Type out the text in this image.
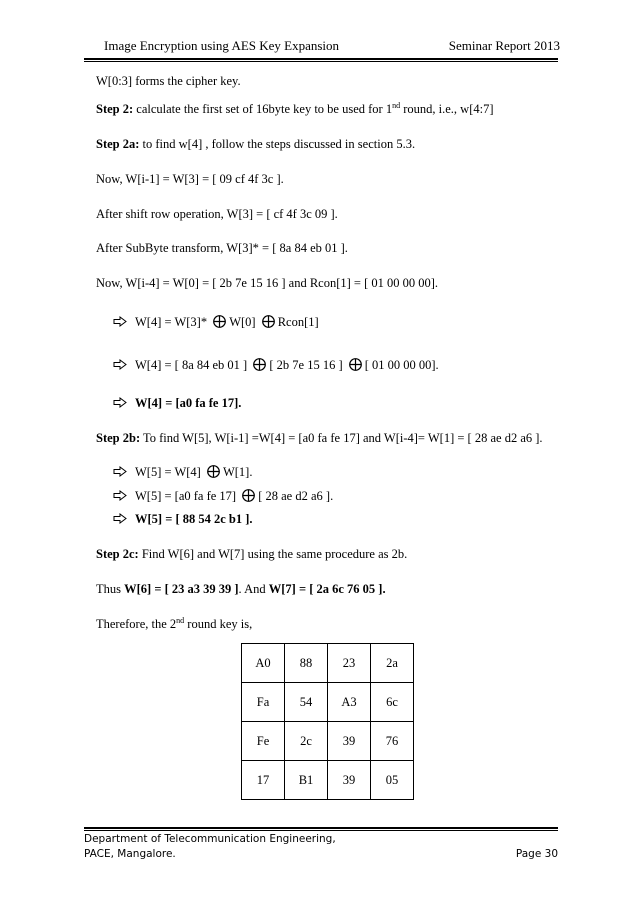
Image Encryption using AES Key Expansion	Seminar Report 2013
W[0:3] forms the cipher key.
Step 2: calculate the first set of 16byte key to be used for 1nd round, i.e., w[4:7]
Step 2a: to find w[4] , follow the steps discussed in section 5.3.
Now, W[i-1] = W[3] = [ 09 cf 4f 3c ].
After shift row operation, W[3] = [ cf 4f 3c 09 ].
After SubByte transform, W[3]* = [ 8a 84 eb 01 ].
Now, W[i-4] = W[0] = [ 2b 7e 15 16 ] and Rcon[1] = [ 01 00 00 00].
W[4] = W[3]* W[0] Rcon[1]
W[4] = [ 8a 84 eb 01 ] [ 2b 7e 15 16 ] [ 01 00 00 00].
W[4] = [a0 fa fe 17].
Step 2b: To find W[5], W[i-1] =W[4] = [a0 fa fe 17] and W[i-4]= W[1] = [ 28 ae d2 a6 ].
W[5] = W[4] W[1].
W[5] = [a0 fa fe 17] [ 28 ae d2 a6 ].
W[5] = [ 88 54 2c b1 ].
Step 2c: Find W[6] and W[7] using the same procedure as 2b.
Thus W[6] = [ 23 a3 39 39 ]. And W[7] = [ 2a 6c 76 05 ].
Therefore, the 2nd round key is,
A0	88	23	2a
Fa	54	A3	6c
Fe	2c	39	76
17	B1	39	05
Department of Telecommunication Engineering,
PACE, Mangalore.	Page 30
